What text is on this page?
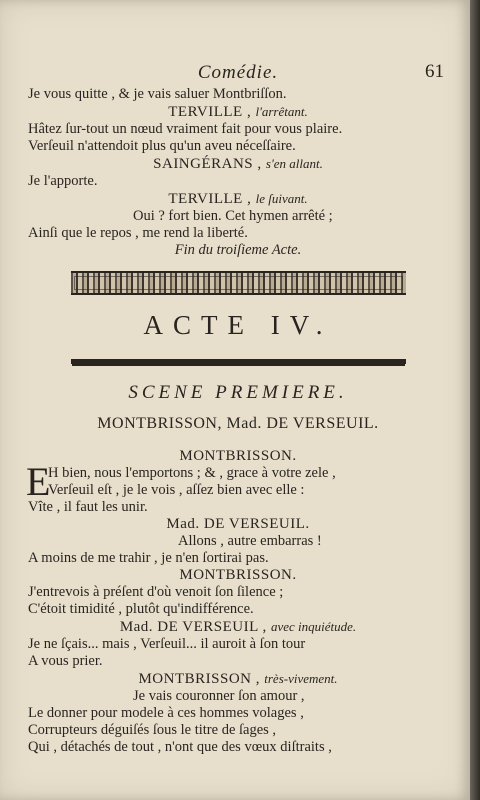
Comédie.	61
Je vous quitte , & je vais saluer Montbriſſon.
TERVILLE , l'arrêtant.
Hâtez ſur-tout un nœud vraiment fait pour vous plaire.
Verſeuil n'attendoit plus qu'un aveu néceſſaire.
SAINGÉRANS , s'en allant.
Je l'apporte.
TERVILLE , le ſuivant.
Oui ? fort bien. Cet hymen arrêté ;
Ainſi que le repos , me rend la liberté.
Fin du troiſieme Acte.
ACTE IV.
SCENE PREMIERE.
MONTBRISSON, Mad. DE VERSEUIL.
MONTBRISSON.
E
H bien, nous l'emportons ; & , grace à votre zele ,
Verſeuil eſt , je le vois , aſſez bien avec elle :
Vîte , il faut les unir.
Mad. DE VERSEUIL.
Allons , autre embarras !
A moins de me trahir , je n'en ſortirai pas.
MONTBRISSON.
J'entrevois à préſent d'où venoit ſon ſilence ;
C'étoit timidité , plutôt qu'indifférence.
Mad. DE VERSEUIL , avec inquiétude.
Je ne ſçais... mais , Verſeuil... il auroit à ſon tour
A vous prier.
MONTBRISSON , très-vivement.
Je vais couronner ſon amour ,
Le donner pour modele à ces hommes volages ,
Corrupteurs déguiſés ſous le titre de ſages ,
Qui , détachés de tout , n'ont que des vœux diſtraits ,
